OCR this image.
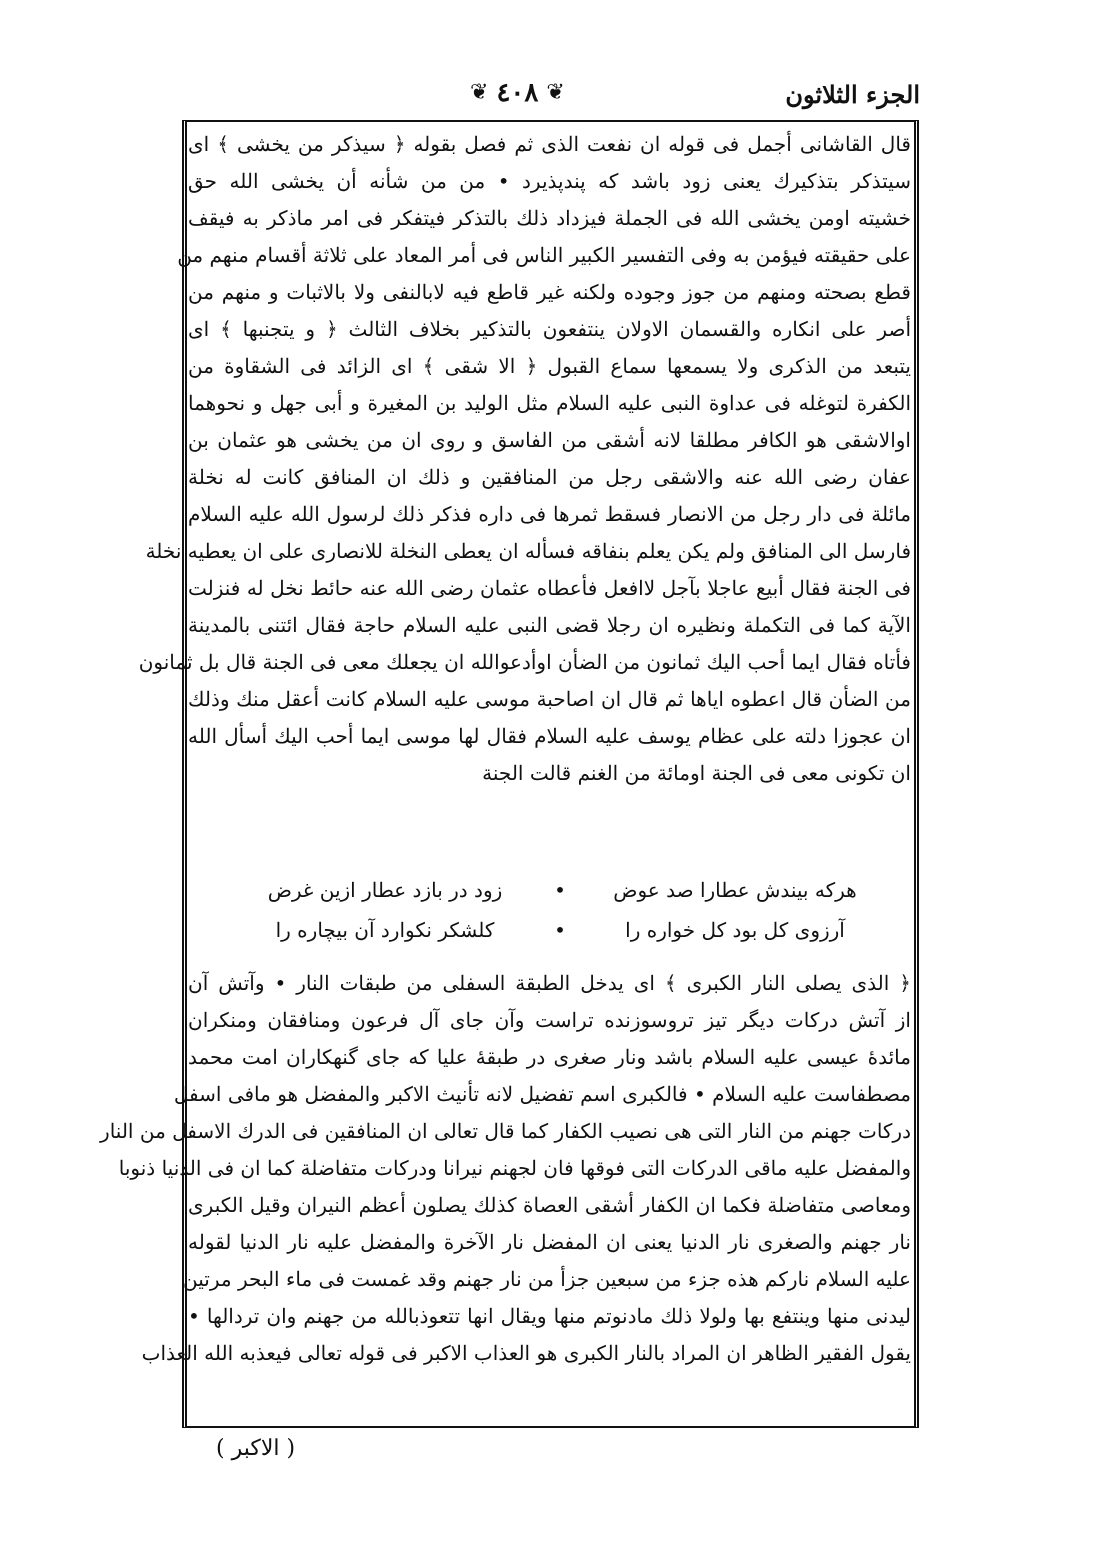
❦ ٤٠٨ ❦	الجزء الثلاثون
قال القاشانى أجمل فى قوله ان نفعت الذى ثم فصل بقوله ﴿ سيذكر من يخشى ﴾ اى
سيتذكر بتذكيرك يعنى زود باشد كه پندپذيرد • من من شأنه أن يخشى الله حق
خشيته اومن يخشى الله فى الجملة فيزداد ذلك بالتذكر فيتفكر فى امر ماذكر به فيقف
على حقيقته فيؤمن به وفى التفسير الكبير الناس فى أمر المعاد على ثلاثة أقسام منهم من
قطع بصحته ومنهم من جوز وجوده ولكنه غير قاطع فيه لابالنفى ولا بالاثبات و منهم من
أصر على انكاره والقسمان الاولان ينتفعون بالتذكير بخلاف الثالث ﴿ و يتجنبها ﴾ اى
يتبعد من الذكرى ولا يسمعها سماع القبول ﴿ الا شقى ﴾ اى الزائد فى الشقاوة من
الكفرة لتوغله فى عداوة النبى عليه السلام مثل الوليد بن المغيرة و أبى جهل و نحوهما
اوالاشقى هو الكافر مطلقا لانه أشقى من الفاسق و روى ان من يخشى هو عثمان بن
عفان رضى الله عنه والاشقى رجل من المنافقين و ذلك ان المنافق كانت له نخلة
مائلة فى دار رجل من الانصار فسقط ثمرها فى داره فذكر ذلك لرسول الله عليه السلام
فارسل الى المنافق ولم يكن يعلم بنفاقه فسأله ان يعطى النخلة للانصارى على ان يعطيه نخلة
فى الجنة فقال أبيع عاجلا بآجل لاافعل فأعطاه عثمان رضى الله عنه حائط نخل له فنزلت
الآية كما فى التكملة ونظيره ان رجلا قضى النبى عليه السلام حاجة فقال ائتنى بالمدينة
فأتاه فقال ايما أحب اليك ثمانون من الضأن اوأدعوالله ان يجعلك معى فى الجنة قال بل ثمانون
من الضأن قال اعطوه اياها ثم قال ان اصاحبة موسى عليه السلام كانت أعقل منك وذلك
ان عجوزا دلته على عظام يوسف عليه السلام فقال لها موسى ايما أحب اليك أسأل الله
ان تكونى معى فى الجنة اومائة من الغنم قالت الجنة
هركه بيندش عطارا صد عوض
•
زود در بازد عطار ازين غرض
آرزوى كل بود كل خواره را
•
كلشكر نكوارد آن بيچاره را
﴿ الذى يصلى النار الكبرى ﴾ اى يدخل الطبقة السفلى من طبقات النار • وآتش آن
از آتش دركات ديگر تيز تروسوزنده تراست وآن جاى آل فرعون ومنافقان ومنكران
مائدهٔ عيسى عليه السلام باشد ونار صغرى در طبقهٔ عليا كه جاى گنهكاران امت محمد
مصطفاست عليه السلام • فالكبرى اسم تفضيل لانه تأنيث الاكبر والمفضل هو مافى اسفل
دركات جهنم من النار التى هى نصيب الكفار كما قال تعالى ان المنافقين فى الدرك الاسفل من النار
والمفضل عليه ماقى الدركات التى فوقها فان لجهنم نيرانا ودركات متفاضلة كما ان فى الدنيا ذنوبا
ومعاصى متفاضلة فكما ان الكفار أشقى العصاة كذلك يصلون أعظم النيران وقيل الكبرى
نار جهنم والصغرى نار الدنيا يعنى ان المفضل نار الآخرة والمفضل عليه نار الدنيا لقوله
عليه السلام ناركم هذه جزء من سبعين جزأ من نار جهنم وقد غمست فى ماء البحر مرتين
ليدنى منها وينتفع بها ولولا ذلك مادنوتم منها ويقال انها تتعوذبالله من جهنم وان تردالها •
يقول الفقير الظاهر ان المراد بالنار الكبرى هو العذاب الاكبر فى قوله تعالى فيعذبه الله العذاب
( الاكبر )
